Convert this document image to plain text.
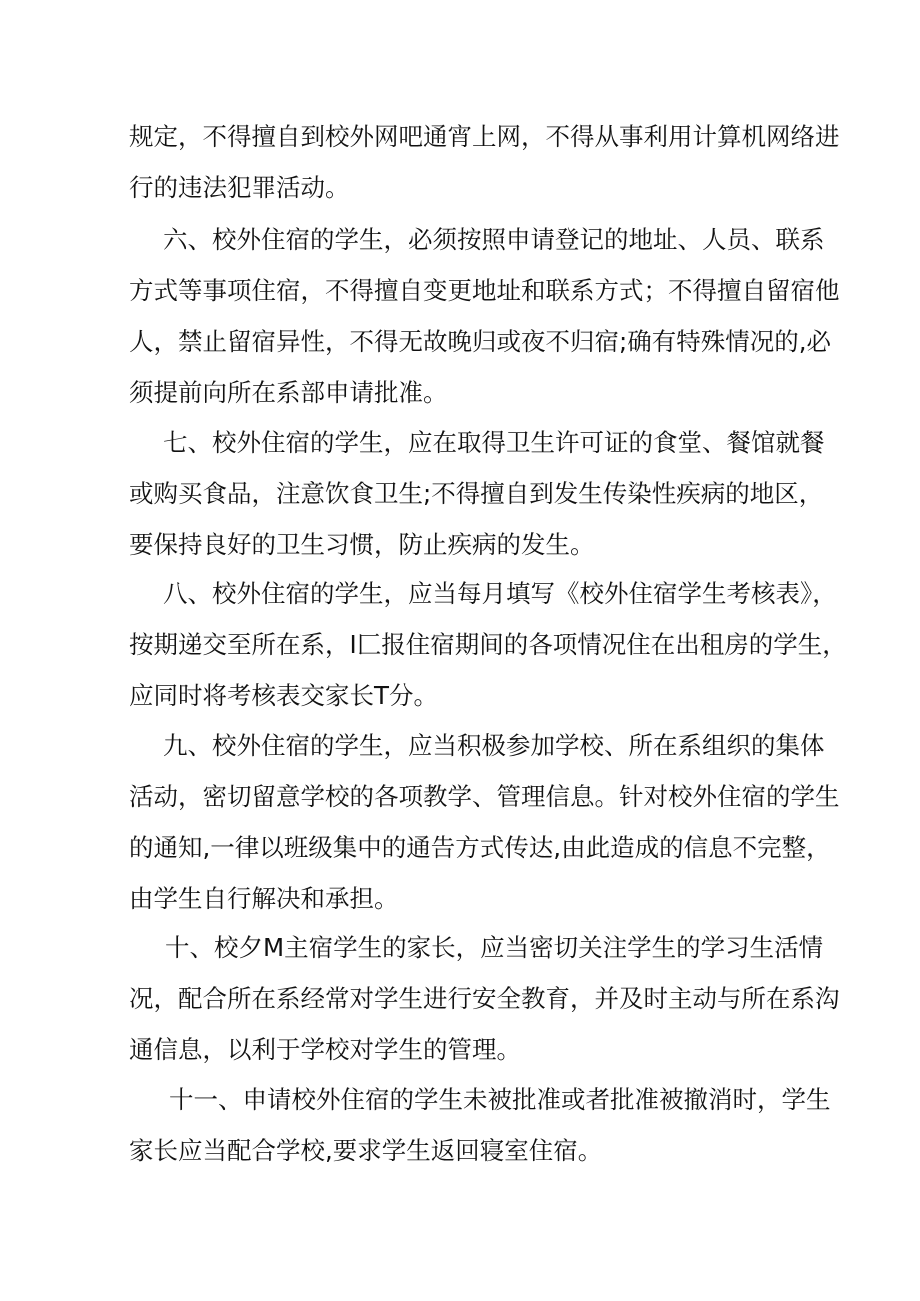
规定，不得擅自到校外网吧通宵上网，不得从事利用计算机网络进
行的违法犯罪活动。
六、校外住宿的学生，必须按照申请登记的地址、人员、联系
方式等事项住宿，不得擅自变更地址和联系方式；不得擅自留宿他
人，禁止留宿异性，不得无故晚归或夜不归宿;确有特殊情况的,必
须提前向所在系部申请批准。
七、校外住宿的学生，应在取得卫生许可证的食堂、餐馆就餐
或购买食品，注意饮食卫生;不得擅自到发生传染性疾病的地区，
要保持良好的卫生习惯，防止疾病的发生。
八、校外住宿的学生，应当每月填写《校外住宿学生考核表》，
按期递交至所在系，I匚报住宿期间的各项情况住在出租房的学生，
应同时将考核表交家长T分。
九、校外住宿的学生，应当积极参加学校、所在系组织的集体
活动，密切留意学校的各项教学、管理信息。针对校外住宿的学生
的通知,一律以班级集中的通告方式传达,由此造成的信息不完整，
由学生自行解决和承担。
十、校夕M主宿学生的家长，应当密切关注学生的学习生活情
况，配合所在系经常对学生进行安全教育，并及时主动与所在系沟
通信息，以利于学校对学生的管理。
十一、申请校外住宿的学生未被批准或者批准被撤消时，学生
家长应当配合学校,要求学生返回寝室住宿。
